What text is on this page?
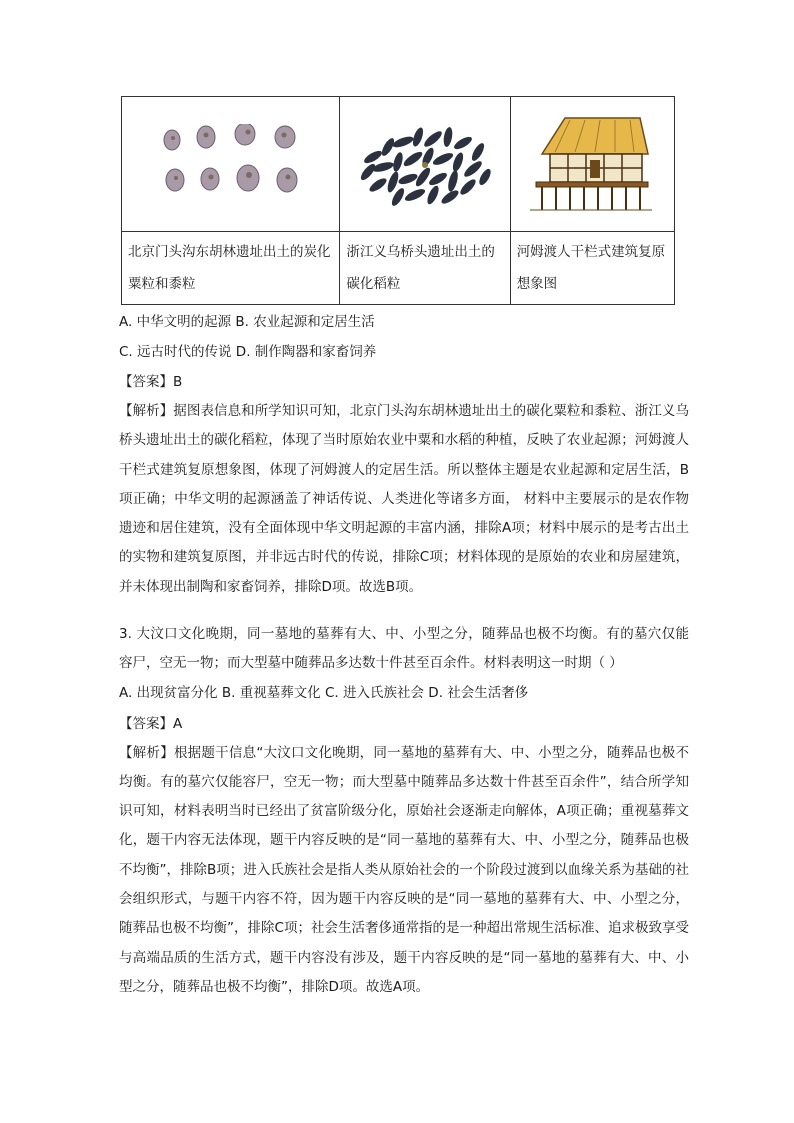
北京门头沟东胡林遗址出土的炭化粟粒和黍粒	浙江义乌桥头遗址出土的碳化稻粒	河姆渡人干栏式建筑复原想象图
A. 中华文明的起源 B. 农业起源和定居生活
C. 远古时代的传说 D. 制作陶器和家畜饲养
【答案】B
【解析】据图表信息和所学知识可知，北京门头沟东胡林遗址出土的碳化粟粒和黍粒、浙江义乌桥头遗址出土的碳化稻粒，体现了当时原始农业中粟和水稻的种植，反映了农业起源；河姆渡人干栏式建筑复原想象图，体现了河姆渡人的定居生活。所以整体主题是农业起源和定居生活，B项正确；中华文明的起源涵盖了神话传说、人类进化等诸多方面， 材料中主要展示的是农作物遗迹和居住建筑，没有全面体现中华文明起源的丰富内涵，排除A项；材料中展示的是考古出土的实物和建筑复原图，并非远古时代的传说，排除C项；材料体现的是原始的农业和房屋建筑，并未体现出制陶和家畜饲养，排除D项。故选B项。
3. 大汶口文化晚期，同一墓地的墓葬有大、中、小型之分，随葬品也极不均衡。有的墓穴仅能容尸，空无一物；而大型墓中随葬品多达数十件甚至百余件。材料表明这一时期（ ）
A. 出现贫富分化 B. 重视墓葬文化 C. 进入氏族社会 D. 社会生活奢侈
【答案】A
【解析】根据题干信息“大汶口文化晚期，同一墓地的墓葬有大、中、小型之分，随葬品也极不均衡。有的墓穴仅能容尸，空无一物；而大型墓中随葬品多达数十件甚至百余件”，结合所学知识可知，材料表明当时已经出了贫富阶级分化，原始社会逐渐走向解体，A项正确；重视墓葬文化，题干内容无法体现，题干内容反映的是“同一墓地的墓葬有大、中、小型之分，随葬品也极不均衡”，排除B项；进入氏族社会是指人类从原始社会的一个阶段过渡到以血缘关系为基础的社会组织形式，与题干内容不符，因为题干内容反映的是“同一墓地的墓葬有大、中、小型之分，随葬品也极不均衡”，排除C项；社会生活奢侈通常指的是一种超出常规生活标准、追求极致享受与高端品质的生活方式，题干内容没有涉及，题干内容反映的是“同一墓地的墓葬有大、中、小型之分，随葬品也极不均衡”，排除D项。故选A项。
